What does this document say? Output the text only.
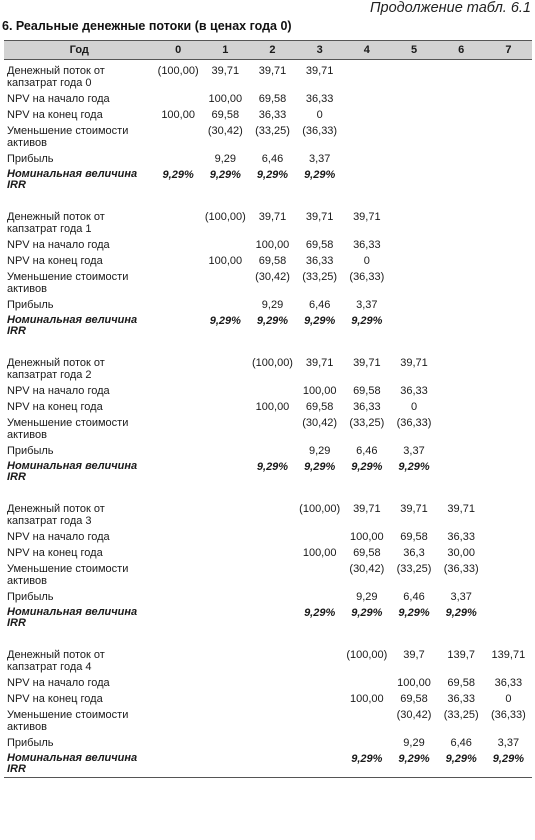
Продолжение табл. 6.1
6. Реальные денежные потоки (в ценах года 0)
Год	0	1	2	3	4	5	6	7
Денежный поток от капзатрат года 0	(100,00)	39,71	39,71	39,71				
NPV на начало года		100,00	69,58	36,33				
NPV на конец года	100,00	69,58	36,33	0				
Уменьшение стоимости активов		(30,42)	(33,25)	(36,33)				
Прибыль		9,29	6,46	3,37				
Номинальная величина IRR	9,29%	9,29%	9,29%	9,29%				

Денежный поток от капзатрат года 1		(100,00)	39,71	39,71	39,71			
NPV на начало года			100,00	69,58	36,33			
NPV на конец года		100,00	69,58	36,33	0			
Уменьшение стоимости активов			(30,42)	(33,25)	(36,33)			
Прибыль			9,29	6,46	3,37			
Номинальная величина IRR		9,29%	9,29%	9,29%	9,29%			

Денежный поток от капзатрат года 2			(100,00)	39,71	39,71	39,71		
NPV на начало года				100,00	69,58	36,33		
NPV на конец года			100,00	69,58	36,33	0		
Уменьшение стоимости активов				(30,42)	(33,25)	(36,33)		
Прибыль				9,29	6,46	3,37		
Номинальная величина IRR			9,29%	9,29%	9,29%	9,29%		

Денежный поток от капзатрат года 3				(100,00)	39,71	39,71	39,71	
NPV на начало года					100,00	69,58	36,33	
NPV на конец года				100,00	69,58	36,3	30,00	
Уменьшение стоимости активов					(30,42)	(33,25)	(36,33)	
Прибыль					9,29	6,46	3,37	
Номинальная величина IRR				9,29%	9,29%	9,29%	9,29%	

Денежный поток от капзатрат года 4					(100,00)	39,7	139,7	139,71
NPV на начало года						100,00	69,58	36,33
NPV на конец года					100,00	69,58	36,33	0
Уменьшение стоимости активов						(30,42)	(33,25)	(36,33)
Прибыль						9,29	6,46	3,37
Номинальная величина IRR					9,29%	9,29%	9,29%	9,29%
